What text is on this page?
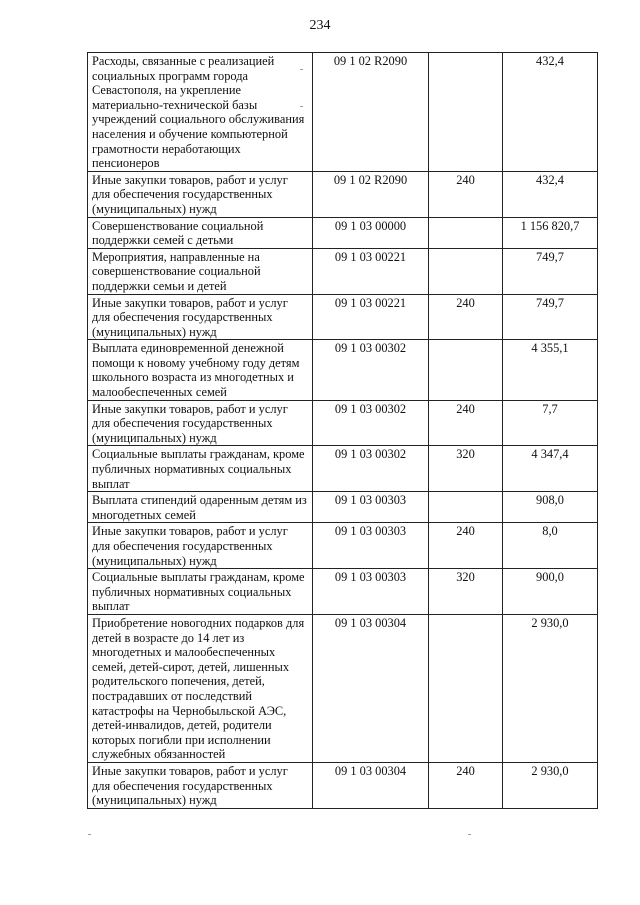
234
Расходы, связанные с реализацией социальных программ города Севастополя, на укрепление материально-технической базы учреждений социального обслуживания населения и обучение компьютерной грамотности неработающих пенсионеров	09 1 02 R2090		432,4
Иные закупки товаров, работ и услуг для обеспечения государственных (муниципальных) нужд	09 1 02 R2090	240	432,4
Совершенствование социальной поддержки семей с детьми	09 1 03 00000		1 156 820,7
Мероприятия, направленные на совершенствование социальной поддержки семьи и детей	09 1 03 00221		749,7
Иные закупки товаров, работ и услуг для обеспечения государственных (муниципальных) нужд	09 1 03 00221	240	749,7
Выплата единовременной денежной помощи к новому учебному году детям школьного возраста из многодетных и малообеспеченных семей	09 1 03 00302		4 355,1
Иные закупки товаров, работ и услуг для обеспечения государственных (муниципальных) нужд	09 1 03 00302	240	7,7
Социальные выплаты гражданам, кроме публичных нормативных социальных выплат	09 1 03 00302	320	4 347,4
Выплата стипендий одаренным детям из многодетных семей	09 1 03 00303		908,0
Иные закупки товаров, работ и услуг для обеспечения государственных (муниципальных) нужд	09 1 03 00303	240	8,0
Социальные выплаты гражданам, кроме публичных нормативных социальных выплат	09 1 03 00303	320	900,0
Приобретение новогодних подарков для детей в возрасте до 14 лет из многодетных и малообеспеченных семей, детей-сирот, детей, лишенных родительского попечения, детей, пострадавших от последствий катастрофы на Чернобыльской АЭС, детей-инвалидов, детей, родители которых погибли при исполнении служебных обязанностей	09 1 03 00304		2 930,0
Иные закупки товаров, работ и услуг для обеспечения государственных (муниципальных) нужд	09 1 03 00304	240	2 930,0
